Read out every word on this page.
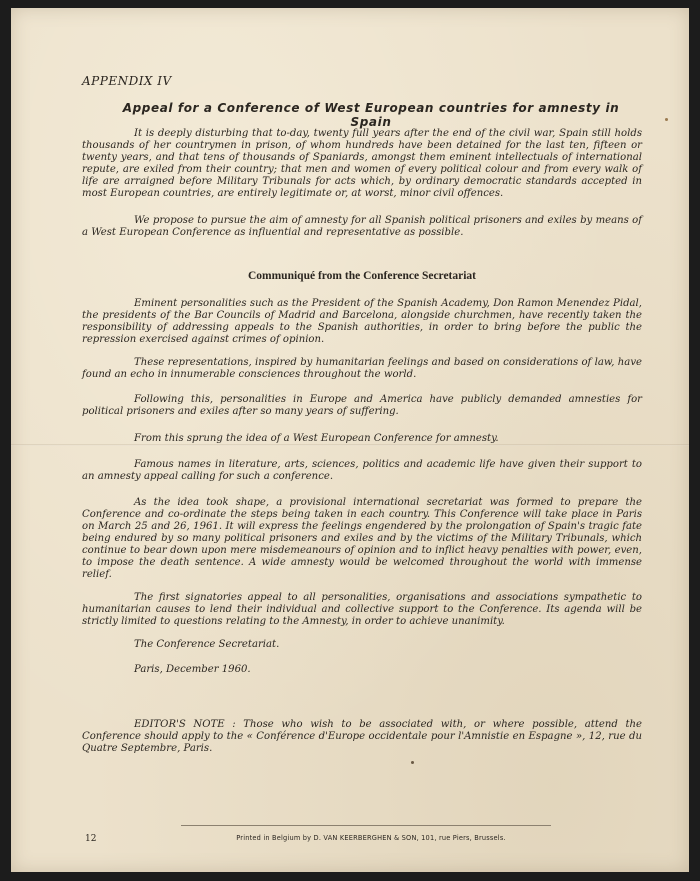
APPENDIX IV
Appeal for a Conference of West European countries for amnesty in Spain

It is deeply disturbing that to-day, twenty full years after the end of the civil war, Spain still holds thousands of her countrymen in prison, of whom hundreds have been detained for the last ten, fifteen or twenty years, and that tens of thousands of Spaniards, amongst them eminent intellectuals of international repute, are exiled from their country; that men and women of every political colour and from every walk of life are arraigned before Military Tribunals for acts which, by ordinary democratic standards accepted in most European countries, are entirely legitimate or, at worst, minor civil offences.

We propose to pursue the aim of amnesty for all Spanish political prisoners and exiles by means of a West European Conference as influential and representative as possible.

Communiqué from the Conference Secretariat

Eminent personalities such as the President of the Spanish Academy, Don Ramon Menendez Pidal, the presidents of the Bar Councils of Madrid and Barcelona, alongside churchmen, have recently taken the responsibility of addressing appeals to the Spanish authorities, in order to bring before the public the repression exercised against crimes of opinion.

These representations, inspired by humanitarian feelings and based on considerations of law, have found an echo in innumerable consciences throughout the world.

Following this, personalities in Europe and America have publicly demanded amnesties for political prisoners and exiles after so many years of suffering.

From this sprung the idea of a West European Conference for amnesty.

Famous names in literature, arts, sciences, politics and academic life have given their support to an amnesty appeal calling for such a conference.

As the idea took shape, a provisional international secretariat was formed to prepare the Conference and co-ordinate the steps being taken in each country. This Conference will take place in Paris on March 25 and 26, 1961. It will express the feelings engendered by the prolongation of Spain's tragic fate being endured by so many political prisoners and exiles and by the victims of the Military Tribunals, which continue to bear down upon mere misdemeanours of opinion and to inflict heavy penalties with power, even, to impose the death sentence. A wide amnesty would be welcomed throughout the world with immense relief.

The first signatories appeal to all personalities, organisations and associations sympathetic to humanitarian causes to lend their individual and collective support to the Conference. Its agenda will be strictly limited to questions relating to the Amnesty, in order to achieve unanimity.

The Conference Secretariat.

Paris, December 1960.

EDITOR'S NOTE : Those who wish to be associated with, or where possible, attend the Conference should apply to the « Conférence d'Europe occidentale pour l'Amnistie en Espagne », 12, rue du Quatre Septembre, Paris.

12	Printed in Belgium by D. VAN KEERBERGHEN & SON, 101, rue Piers, Brussels.
